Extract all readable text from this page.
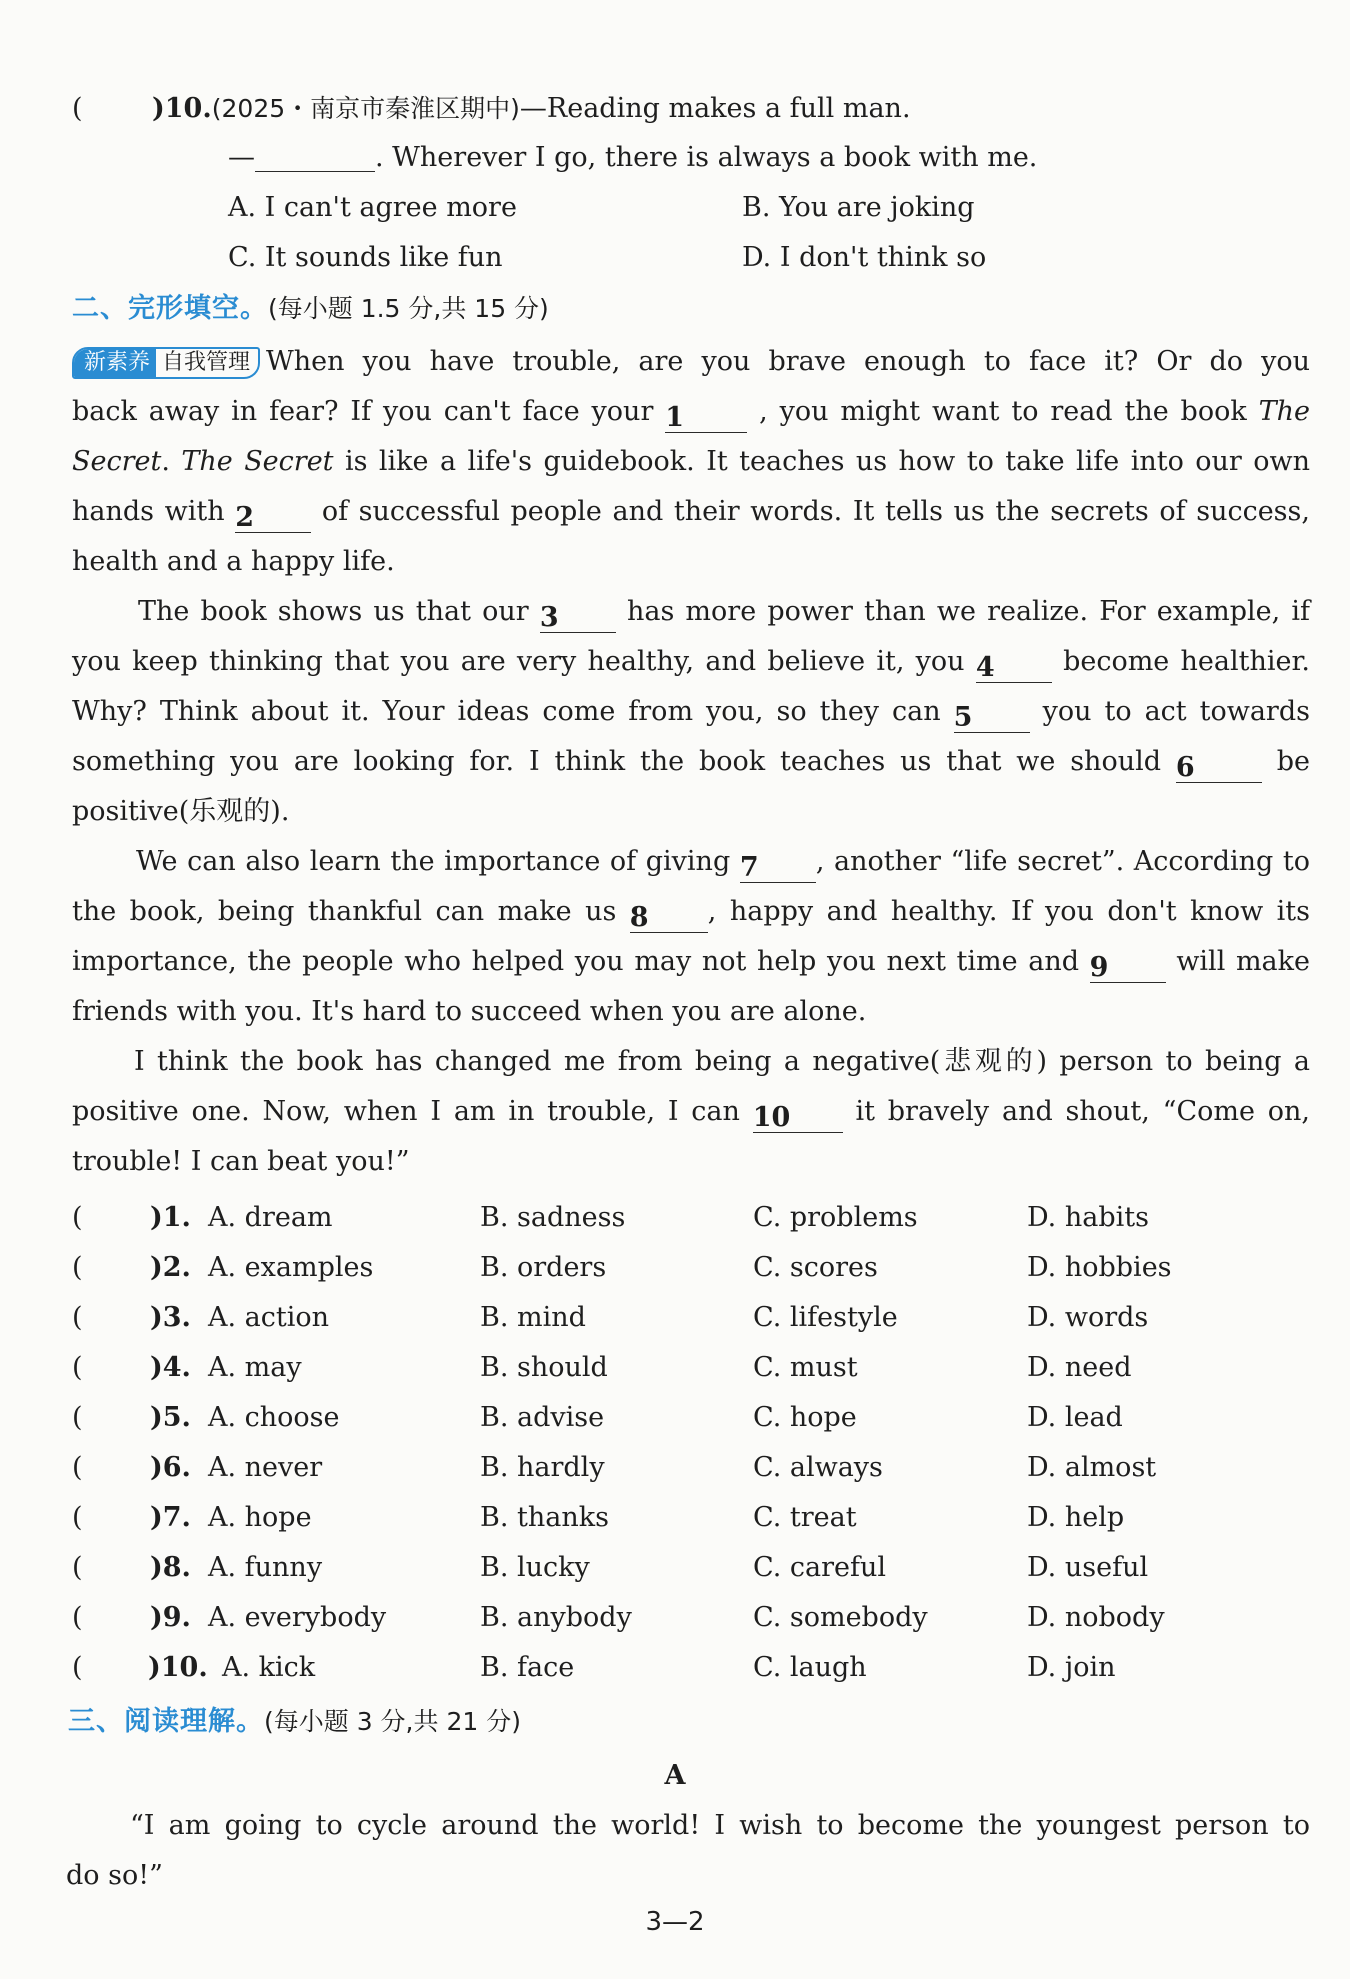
(	)10.(2025・南京市秦淮区期中)—Reading makes a full man.
—	. Wherever I go, there is always a book with me.
A. I can't agree more	B. You are joking
C. It sounds like fun	D. I don't think so
二、完形填空。(每小题 1.5 分,共 15 分)
新素养 自我管理 When you have trouble, are you brave enough to face it? Or do you
back away in fear? If you can't face your 1	, you might want to read the book The
Secret. The Secret is like a life's guidebook. It teaches us how to take life into our own
hands with 2	of successful people and their words. It tells us the secrets of success,
health and a happy life.
The book shows us that our 3	has more power than we realize. For example, if
you keep thinking that you are very healthy, and believe it, you 4	become healthier.
Why? Think about it. Your ideas come from you, so they can 5	you to act towards
something you are looking for. I think the book teaches us that we should 6	be
positive(乐观的).
We can also learn the importance of giving 7 , another “life secret”. According to
the book, being thankful can make us 8 , happy and healthy. If you don't know its
importance, the people who helped you may not help you next time and 9	will make
friends with you. It's hard to succeed when you are alone.
I think the book has changed me from being a negative(悲观的) person to being a
positive one. Now, when I am in trouble, I can 10 it bravely and shout, “Come on,
trouble! I can beat you!”
( )1. A. dream	B. sadness	C. problems	D. habits
( )2. A. examples	B. orders	C. scores	D. hobbies
( )3. A. action	B. mind	C. lifestyle	D. words
( )4. A. may	B. should	C. must	D. need
( )5. A. choose	B. advise	C. hope	D. lead
( )6. A. never	B. hardly	C. always	D. almost
( )7. A. hope	B. thanks	C. treat	D. help
( )8. A. funny	B. lucky	C. careful	D. useful
( )9. A. everybody	B. anybody	C. somebody	D. nobody
( )10. A. kick	B. face	C. laugh	D. join
三、阅读理解。(每小题 3 分,共 21 分)
A
“I am going to cycle around the world! I wish to become the youngest person to
do so!”
3—2
